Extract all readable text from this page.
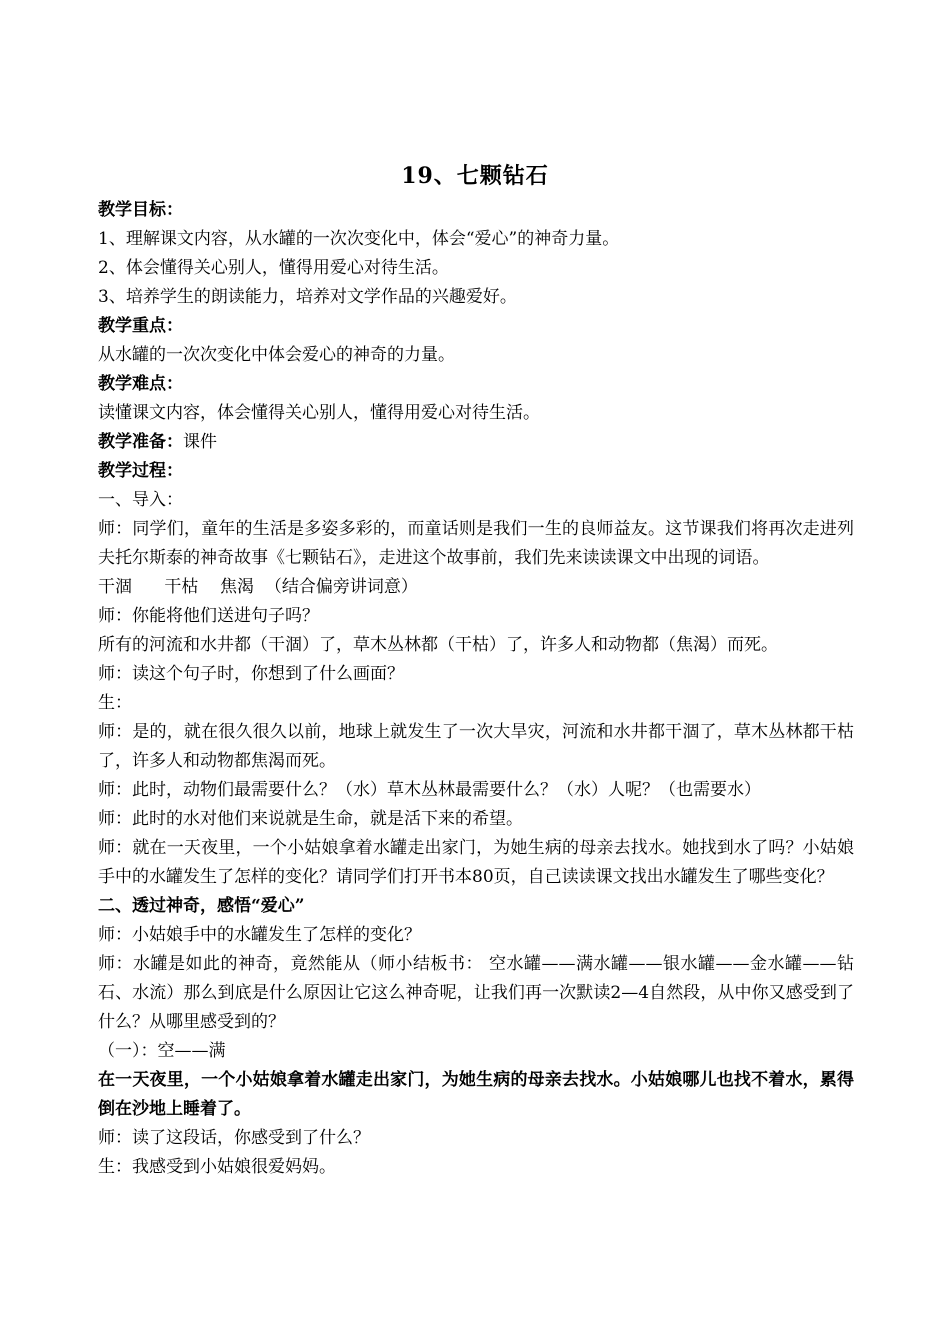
19、七颗钻石

教学目标：

1、理解课文内容，从水罐的一次次变化中，体会“爱心”的神奇力量。

2、体会懂得关心别人，懂得用爱心对待生活。

3、培养学生的朗读能力，培养对文学作品的兴趣爱好。

教学重点：

从水罐的一次次变化中体会爱心的神奇的力量。

教学难点：

读懂课文内容，体会懂得关心别人，懂得用爱心对待生活。

教学准备：课件

教学过程：

一、导入：

师：同学们，童年的生活是多姿多彩的，而童话则是我们一生的良师益友。这节课我们将再次走进列夫托尔斯泰的神奇故事《七颗钻石》，走进这个故事前，我们先来读读课文中出现的词语。

干涸      干枯    焦渴  （结合偏旁讲词意）

师：你能将他们送进句子吗？

所有的河流和水井都（干涸）了，草木丛林都（干枯）了，许多人和动物都（焦渴）而死。

师：读这个句子时，你想到了什么画面？

生：

师：是的，就在很久很久以前，地球上就发生了一次大旱灾，河流和水井都干涸了，草木丛林都干枯了，许多人和动物都焦渴而死。

师：此时，动物们最需要什么？（水）草木丛林最需要什么？（水）人呢？（也需要水）

师：此时的水对他们来说就是生命，就是活下来的希望。

师：就在一天夜里，一个小姑娘拿着水罐走出家门，为她生病的母亲去找水。她找到水了吗？小姑娘手中的水罐发生了怎样的变化？请同学们打开书本80页，自己读读课文找出水罐发生了哪些变化？

二、透过神奇，感悟“爱心”

师：小姑娘手中的水罐发生了怎样的变化？

师：水罐是如此的神奇，竟然能从（师小结板书： 空水罐——满水罐——银水罐——金水罐——钻石、水流）那么到底是什么原因让它这么神奇呢，让我们再一次默读2—4自然段，从中你又感受到了什么？从哪里感受到的？

（一）：空——满

在一天夜里，一个小姑娘拿着水罐走出家门，为她生病的母亲去找水。小姑娘哪儿也找不着水，累得倒在沙地上睡着了。

师：读了这段话，你感受到了什么？

生：我感受到小姑娘很爱妈妈。
